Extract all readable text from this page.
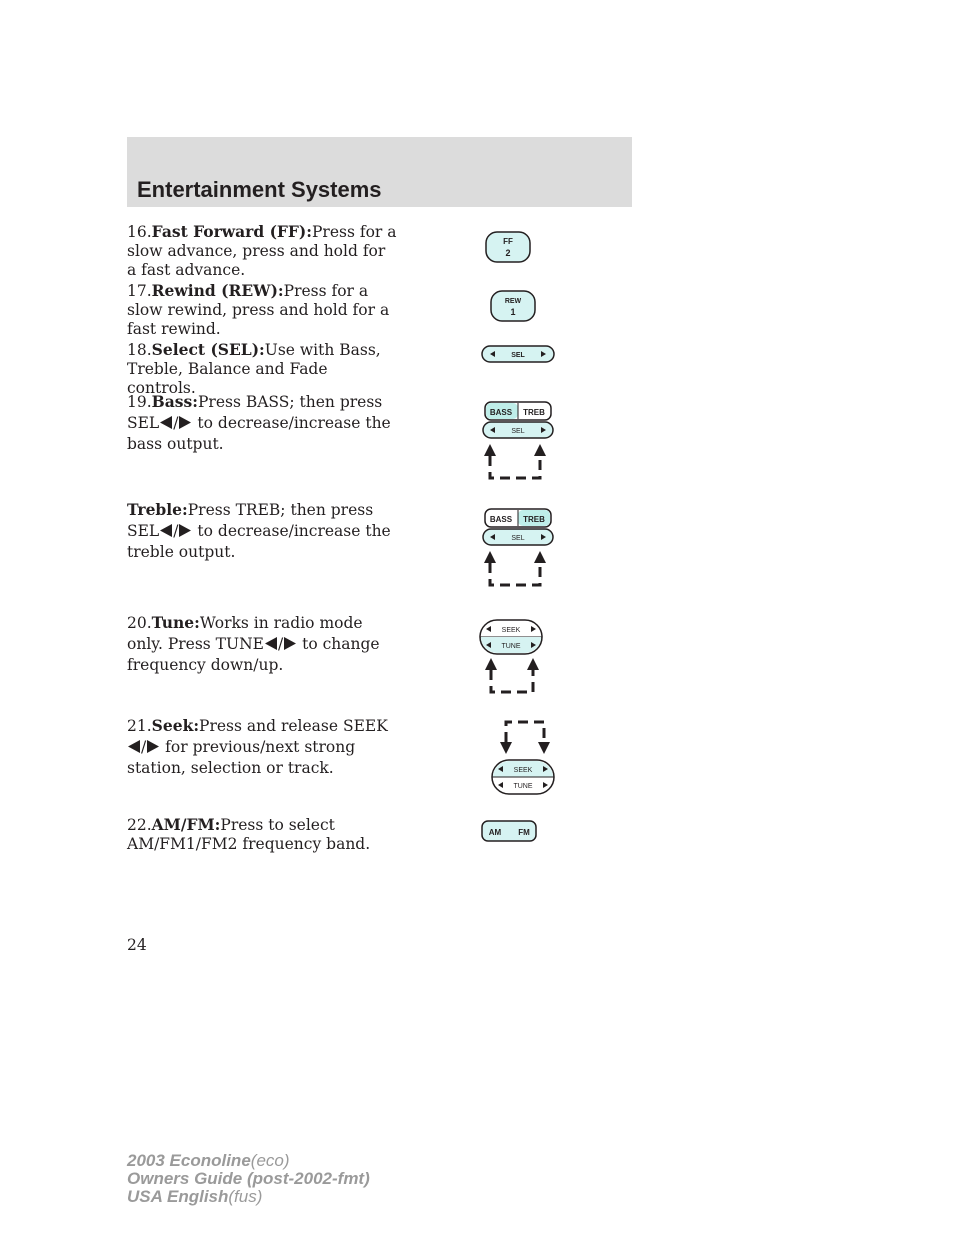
Entertainment Systems

16.Fast Forward (FF):Press for a slow advance, press and hold for a fast advance.

17.Rewind (REW):Press for a slow rewind, press and hold for a fast rewind.

18.Select (SEL):Use with Bass, Treble, Balance and Fade controls.

19.Bass:Press BASS; then press SEL / to decrease/increase the bass output.

Treble:Press TREB; then press SEL / to decrease/increase the treble output.

20.Tune:Works in radio mode only. Press TUNE / to change frequency down/up.

21.Seek:Press and release SEEK/ for previous/next strong station, selection or track.

22.AM/FM:Press to select AM/FM1/FM2 frequency band.

FF
2
REW
1
SEL
BASS TREB
SEL
BASS TREB
SEL
SEEK
TUNE
SEEK
TUNE
AM FM
24
2003 Econoline(eco)
Owners Guide (post-2002-fmt)
USA English(fus)
